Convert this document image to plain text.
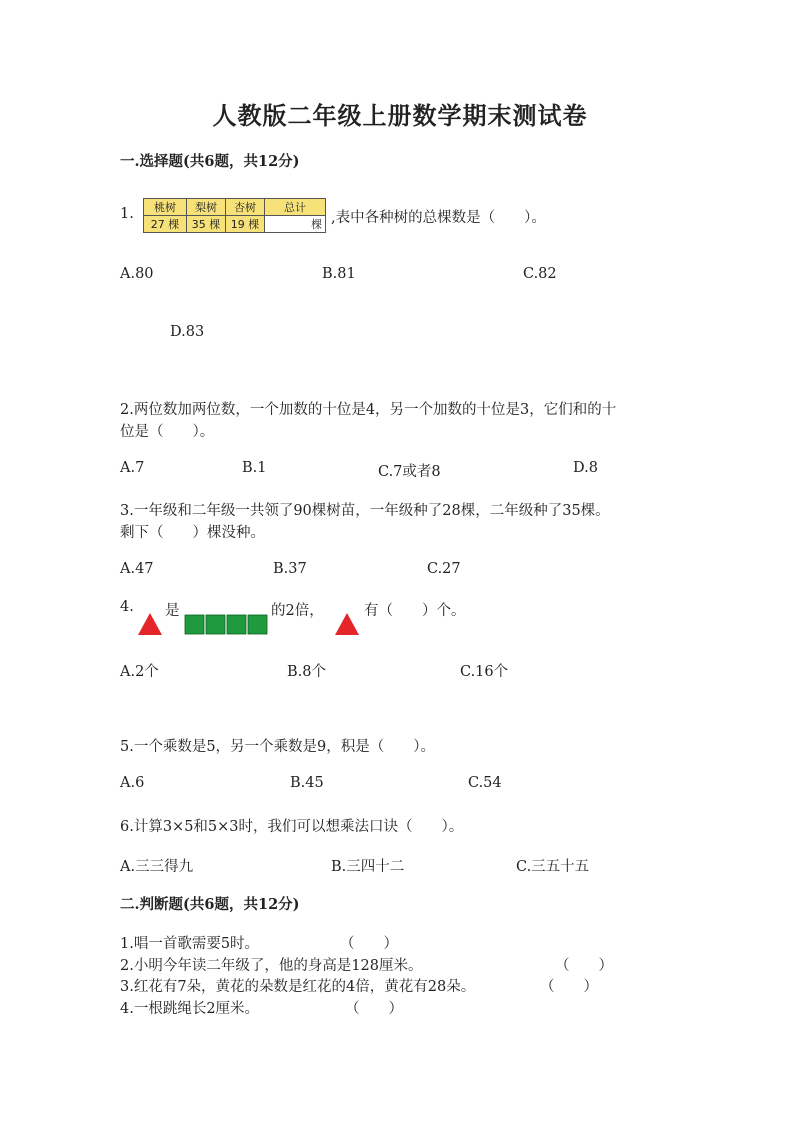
人教版二年级上册数学期末测试卷
一.选择题(共6题，共12分)
1. 桃树	梨树	杏树	总计
27 棵	35 棵	19 棵	棵 ,表中各种树的总棵数是（　　）。
A.80	B.81	C.82
D.83
2.两位数加两位数，一个加数的十位是4，另一个加数的十位是3，它们和的十
位是（　　）。
A.7	B.1	C.7或者8	D.8
3.一年级和二年级一共领了90棵树苗，一年级种了28棵，二年级种了35棵。
剩下（　　）棵没种。
A.47	B.37	C.27
4. 是	的2倍，	有（　　）个。
A.2个	B.8个	C.16个
5.一个乘数是5，另一个乘数是9，积是（　　）。
A.6	B.45	C.54
6.计算3×5和5×3时，我们可以想乘法口诀（　　）。
A.三三得九	B.三四十二	C.三五十五
二.判断题(共6题，共12分)
1.唱一首歌需要5时。	（　　）
2.小明今年读二年级了，他的身高是128厘米。	（　　）
3.红花有7朵，黄花的朵数是红花的4倍，黄花有28朵。	（　　）
4.一根跳绳长2厘米。	（　　）
